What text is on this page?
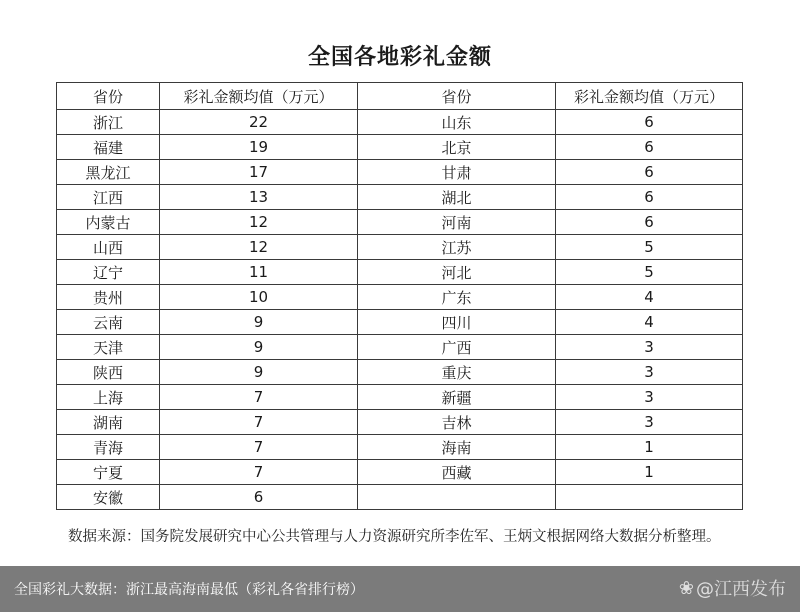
全国各地彩礼金额
省份	彩礼金额均值（万元）	省份	彩礼金额均值（万元）
浙江	22	山东	6
福建	19	北京	6
黑龙江	17	甘肃	6
江西	13	湖北	6
内蒙古	12	河南	6
山西	12	江苏	5
辽宁	11	河北	5
贵州	10	广东	4
云南	9	四川	4
天津	9	广西	3
陕西	9	重庆	3
上海	7	新疆	3
湖南	7	吉林	3
青海	7	海南	1
宁夏	7	西藏	1
安徽	6		
数据来源：国务院发展研究中心公共管理与人力资源研究所李佐军、王炳文根据网络大数据分析整理。
全国彩礼大数据：浙江最高海南最低（彩礼各省排行榜）	❀ @江西发布
